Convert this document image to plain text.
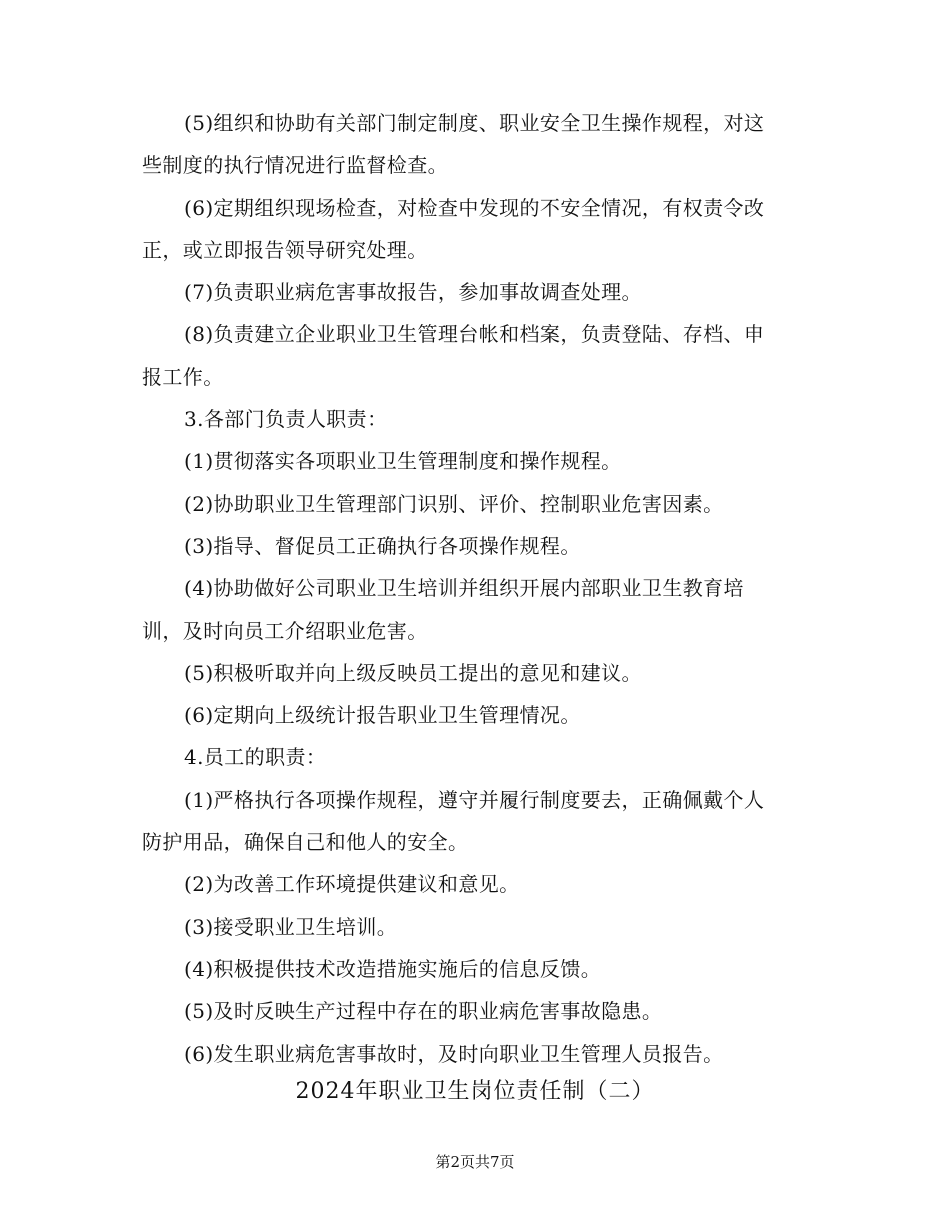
(5)组织和协助有关部门制定制度、职业安全卫生操作规程，对这
些制度的执行情况进行监督检查。
(6)定期组织现场检查，对检查中发现的不安全情况，有权责令改
正，或立即报告领导研究处理。
(7)负责职业病危害事故报告，参加事故调查处理。
(8)负责建立企业职业卫生管理台帐和档案，负责登陆、存档、申
报工作。
3.各部门负责人职责：
(1)贯彻落实各项职业卫生管理制度和操作规程。
(2)协助职业卫生管理部门识别、评价、控制职业危害因素。
(3)指导、督促员工正确执行各项操作规程。
(4)协助做好公司职业卫生培训并组织开展内部职业卫生教育培
训，及时向员工介绍职业危害。
(5)积极听取并向上级反映员工提出的意见和建议。
(6)定期向上级统计报告职业卫生管理情况。
4.员工的职责：
(1)严格执行各项操作规程，遵守并履行制度要去，正确佩戴个人
防护用品，确保自己和他人的安全。
(2)为改善工作环境提供建议和意见。
(3)接受职业卫生培训。
(4)积极提供技术改造措施实施后的信息反馈。
(5)及时反映生产过程中存在的职业病危害事故隐患。
(6)发生职业病危害事故时，及时向职业卫生管理人员报告。
2024年职业卫生岗位责任制（二）
第2页共7页
